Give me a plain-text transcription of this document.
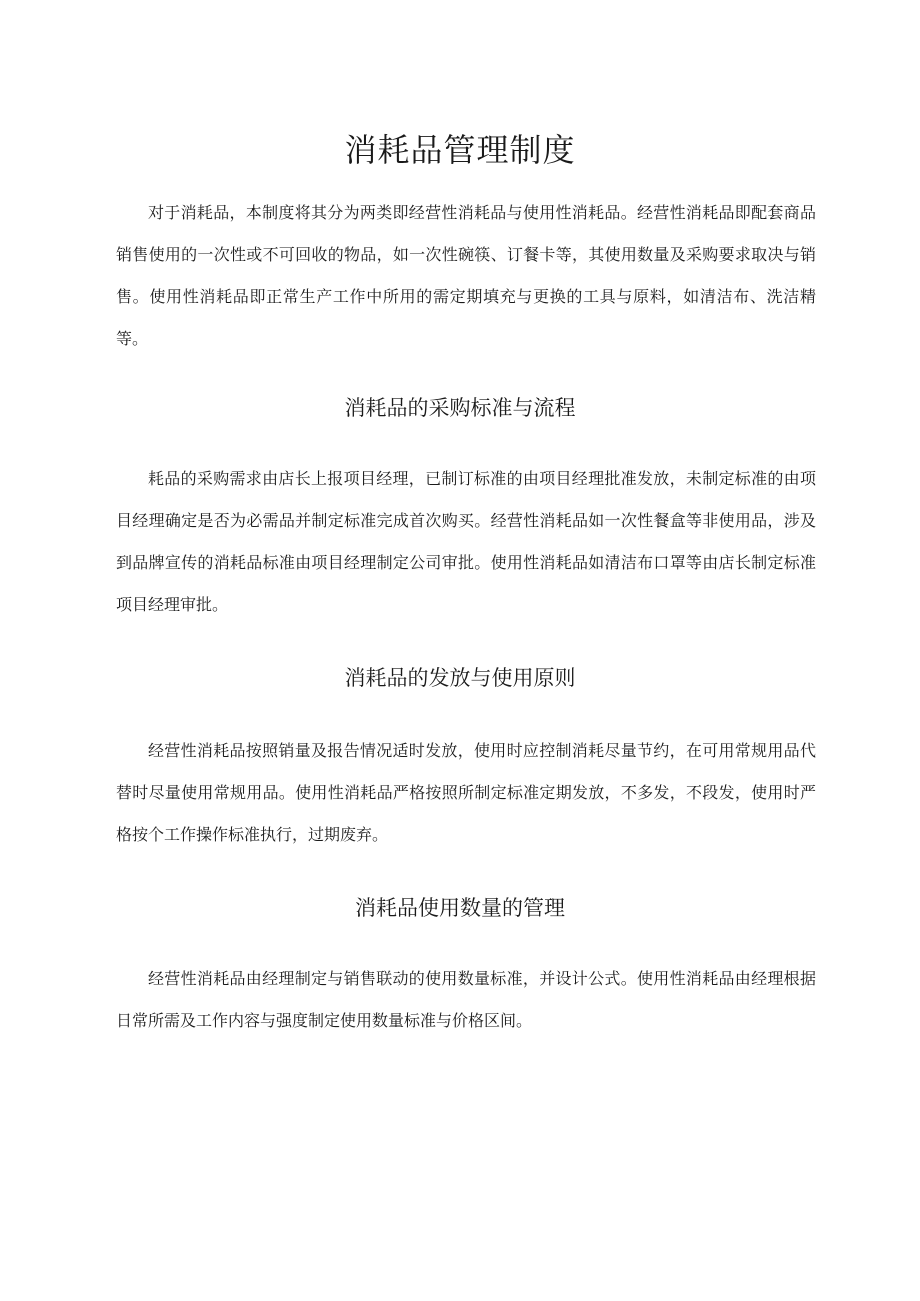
消耗品管理制度

对于消耗品，本制度将其分为两类即经营性消耗品与使用性消耗品。经营性消耗品即配套商品销售使用的一次性或不可回收的物品，如一次性碗筷、订餐卡等，其使用数量及采购要求取决与销售。使用性消耗品即正常生产工作中所用的需定期填充与更换的工具与原料，如清洁布、洗洁精等。

消耗品的采购标准与流程

耗品的采购需求由店长上报项目经理，已制订标准的由项目经理批准发放，未制定标准的由项目经理确定是否为必需品并制定标准完成首次购买。经营性消耗品如一次性餐盒等非使用品，涉及到品牌宣传的消耗品标准由项目经理制定公司审批。使用性消耗品如清洁布口罩等由店长制定标准项目经理审批。

消耗品的发放与使用原则

经营性消耗品按照销量及报告情况适时发放，使用时应控制消耗尽量节约，在可用常规用品代替时尽量使用常规用品。使用性消耗品严格按照所制定标准定期发放，不多发，不段发，使用时严格按个工作操作标准执行，过期废弃。

消耗品使用数量的管理

经营性消耗品由经理制定与销售联动的使用数量标准，并设计公式。使用性消耗品由经理根据日常所需及工作内容与强度制定使用数量标准与价格区间。
